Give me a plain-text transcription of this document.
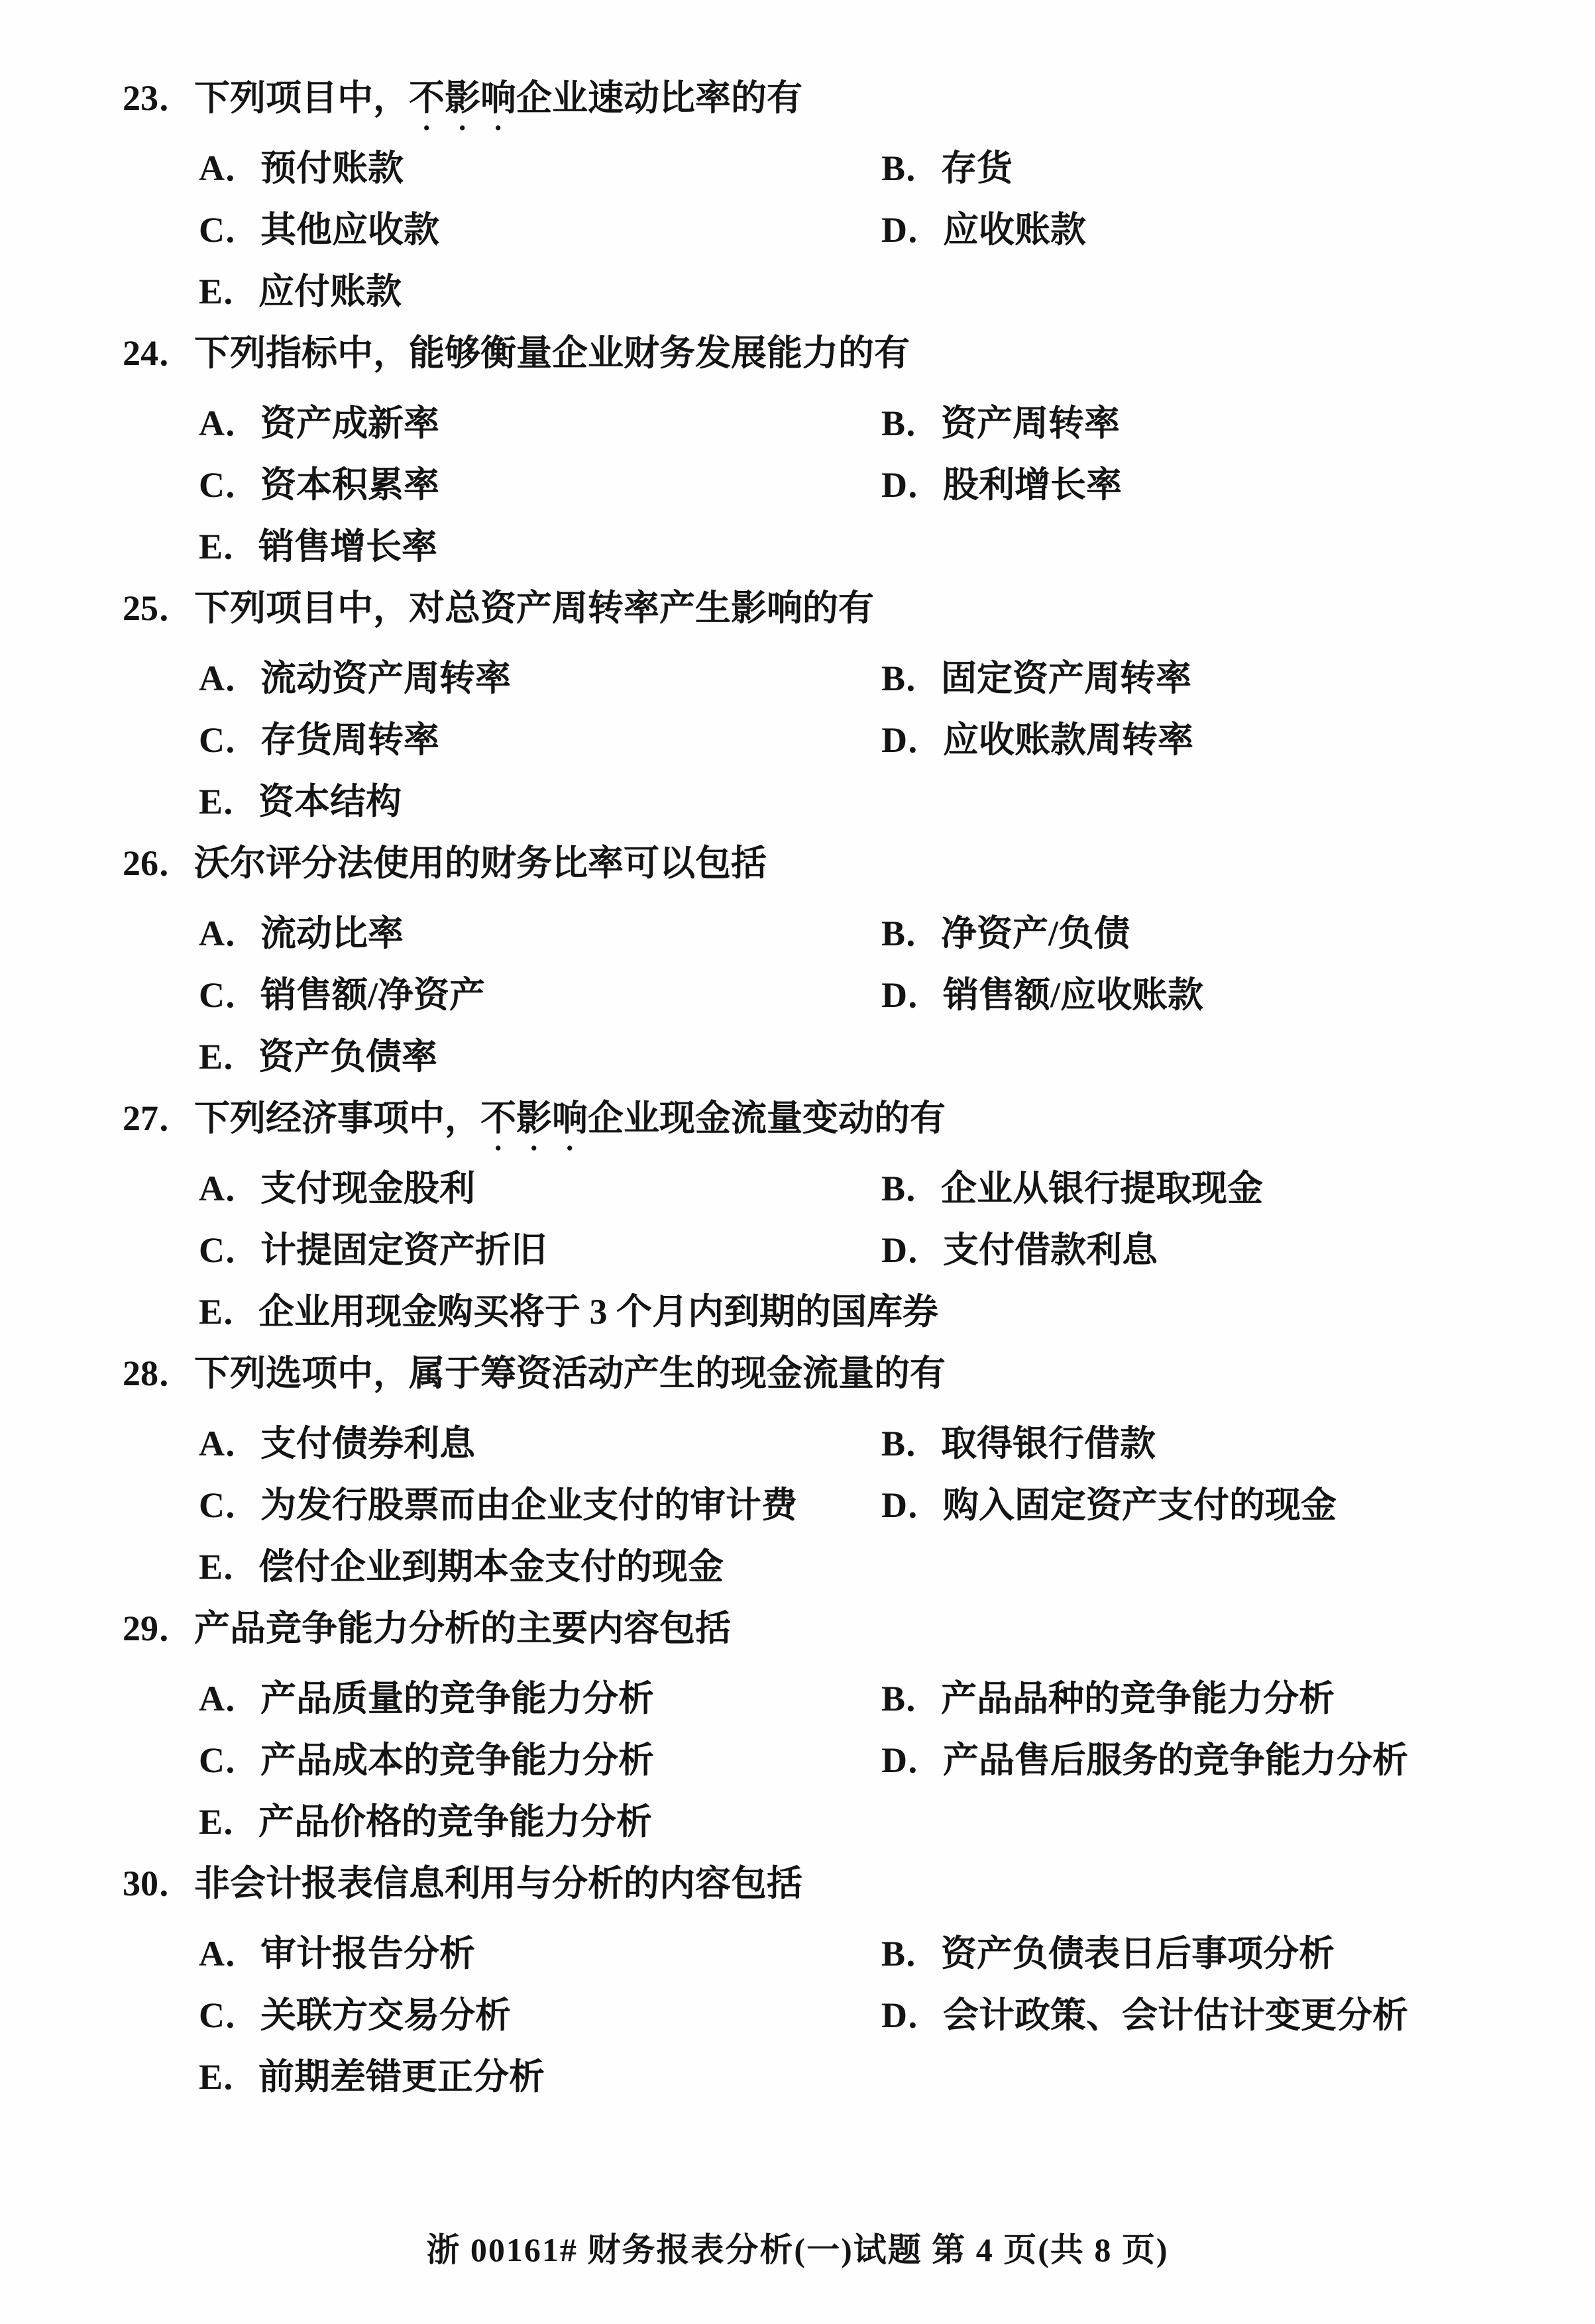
23．下列项目中，不影响企业速动比率的有
A．预付账款	B．存货
C．其他应收款	D．应收账款
E．应付账款
24．下列指标中，能够衡量企业财务发展能力的有
A．资产成新率	B．资产周转率
C．资本积累率	D．股利增长率
E．销售增长率
25．下列项目中，对总资产周转率产生影响的有
A．流动资产周转率	B．固定资产周转率
C．存货周转率	D．应收账款周转率
E．资本结构
26．沃尔评分法使用的财务比率可以包括
A．流动比率	B．净资产/负债
C．销售额/净资产	D．销售额/应收账款
E．资产负债率
27．下列经济事项中，不影响企业现金流量变动的有
A．支付现金股利	B．企业从银行提取现金
C．计提固定资产折旧	D．支付借款利息
E．企业用现金购买将于 3 个月内到期的国库券
28．下列选项中，属于筹资活动产生的现金流量的有
A．支付债券利息	B．取得银行借款
C．为发行股票而由企业支付的审计费	D．购入固定资产支付的现金
E．偿付企业到期本金支付的现金
29．产品竞争能力分析的主要内容包括
A．产品质量的竞争能力分析	B．产品品种的竞争能力分析
C．产品成本的竞争能力分析	D．产品售后服务的竞争能力分析
E．产品价格的竞争能力分析
30．非会计报表信息利用与分析的内容包括
A．审计报告分析	B．资产负债表日后事项分析
C．关联方交易分析	D．会计政策、会计估计变更分析
E．前期差错更正分析
浙 00161# 财务报表分析(一)试题 第 4 页(共 8 页)
